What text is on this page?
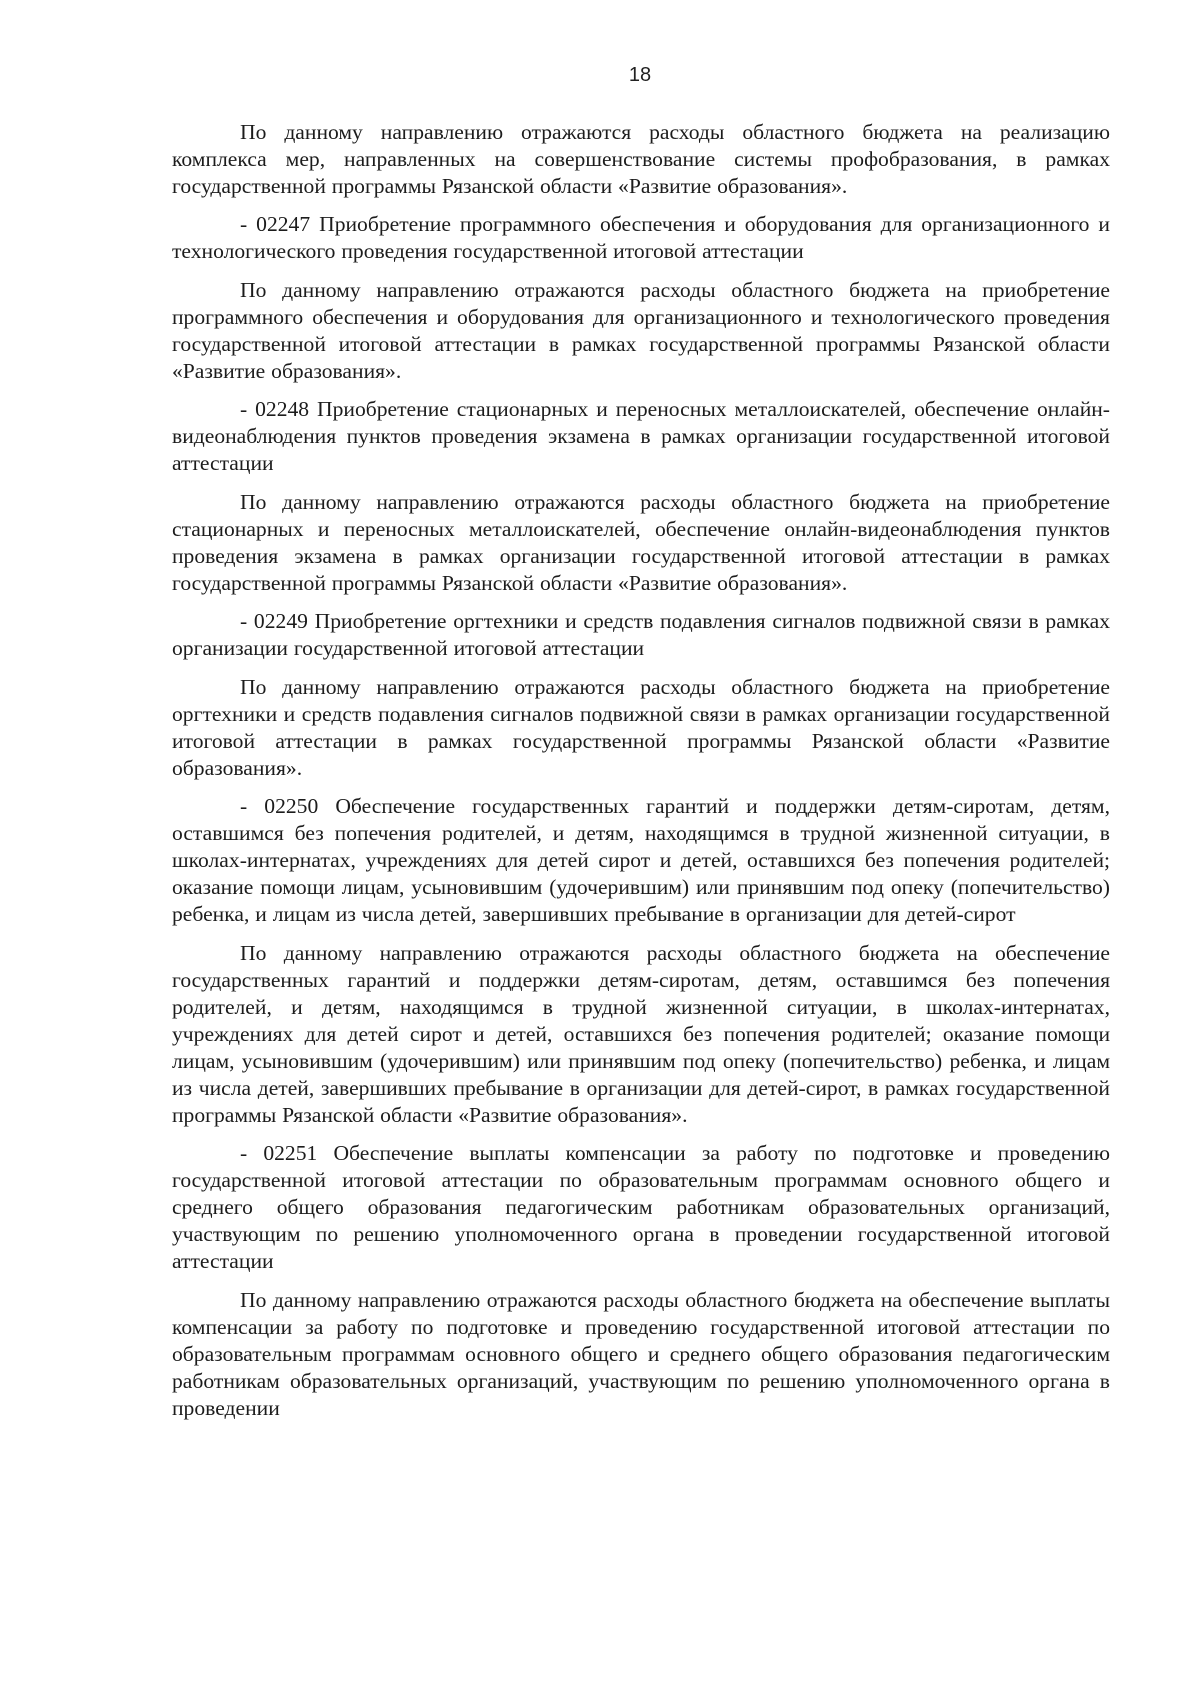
18

По данному направлению отражаются расходы областного бюджета на реализацию комплекса мер, направленных на совершенствование системы профобразования, в рамках государственной программы Рязанской области «Развитие образования».

- 02247 Приобретение программного обеспечения и оборудования для организационного и технологического проведения государственной итоговой аттестации

По данному направлению отражаются расходы областного бюджета на приобретение программного обеспечения и оборудования для организационного и технологического проведения государственной итоговой аттестации в рамках государственной программы Рязанской области «Развитие образования».

- 02248 Приобретение стационарных и переносных металлоискателей, обеспечение онлайн-видеонаблюдения пунктов проведения экзамена в рамках организации государственной итоговой аттестации

По данному направлению отражаются расходы областного бюджета на приобретение стационарных и переносных металлоискателей, обеспечение онлайн-видеонаблюдения пунктов проведения экзамена в рамках организации государственной итоговой аттестации в рамках государственной программы Рязанской области «Развитие образования».

- 02249 Приобретение оргтехники и средств подавления сигналов подвижной связи в рамках организации государственной итоговой аттестации

По данному направлению отражаются расходы областного бюджета на приобретение оргтехники и средств подавления сигналов подвижной связи в рамках организации государственной итоговой аттестации в рамках государственной программы Рязанской области «Развитие образования».

- 02250 Обеспечение государственных гарантий и поддержки детям-сиротам, детям, оставшимся без попечения родителей, и детям, находящимся в трудной жизненной ситуации, в школах-интернатах, учреждениях для детей сирот и детей, оставшихся без попечения родителей; оказание помощи лицам, усыновившим (удочерившим) или принявшим под опеку (попечительство) ребенка, и лицам из числа детей, завершивших пребывание в организации для детей-сирот

По данному направлению отражаются расходы областного бюджета на обеспечение государственных гарантий и поддержки детям-сиротам, детям, оставшимся без попечения родителей, и детям, находящимся в трудной жизненной ситуации, в школах-интернатах, учреждениях для детей сирот и детей, оставшихся без попечения родителей; оказание помощи лицам, усыновившим (удочерившим) или принявшим под опеку (попечительство) ребенка, и лицам из числа детей, завершивших пребывание в организации для детей-сирот, в рамках государственной программы Рязанской области «Развитие образования».

- 02251 Обеспечение выплаты компенсации за работу по подготовке и проведению государственной итоговой аттестации по образовательным программам основного общего и среднего общего образования педагогическим работникам образовательных организаций, участвующим по решению уполномоченного органа в проведении государственной итоговой аттестации

По данному направлению отражаются расходы областного бюджета на обеспечение выплаты компенсации за работу по подготовке и проведению государственной итоговой аттестации по образовательным программам основного общего и среднего общего образования педагогическим работникам образовательных организаций, участвующим по решению уполномоченного органа в проведении
